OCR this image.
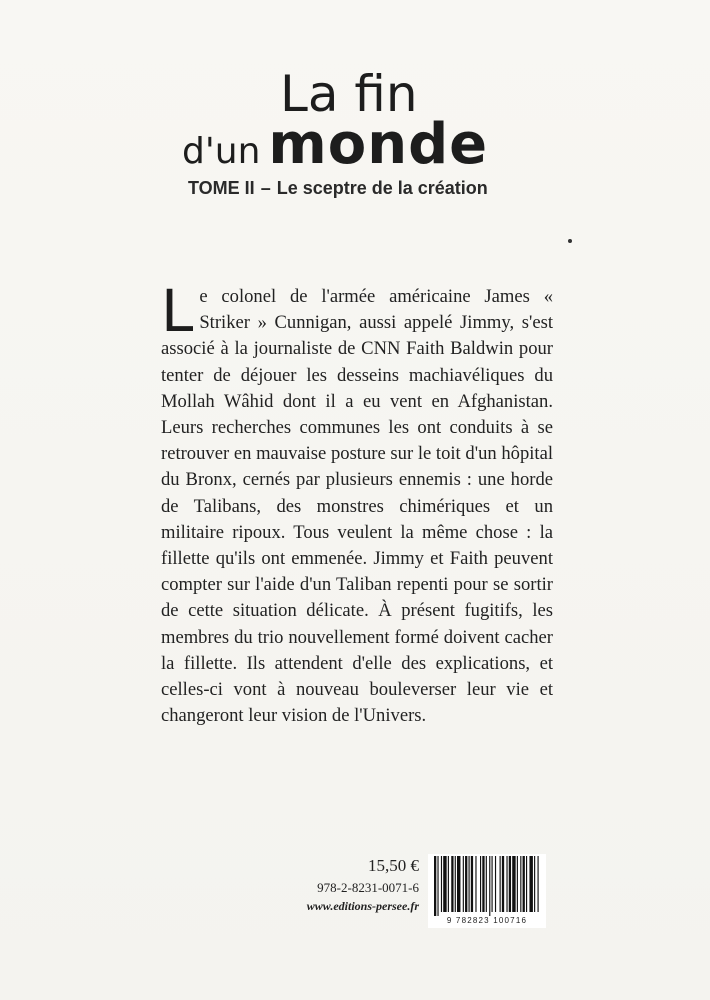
La fin
d'un monde
TOME II – Le sceptre de la création
Le colonel de l'armée américaine James « Striker » Cunnigan, aussi appelé Jimmy, s'est associé à la journaliste de CNN Faith Baldwin pour tenter de déjouer les desseins machiavéliques du Mollah Wâhid dont il a eu vent en Afghanistan. Leurs recherches communes les ont conduits à se retrouver en mauvaise posture sur le toit d'un hôpital du Bronx, cernés par plusieurs ennemis : une horde de Talibans, des monstres chimériques et un militaire ripoux. Tous veulent la même chose : la fillette qu'ils ont emmenée. Jimmy et Faith peuvent compter sur l'aide d'un Taliban repenti pour se sortir de cette situation délicate. À présent fugitifs, les membres du trio nouvellement formé doivent cacher la fillette. Ils attendent d'elle des explications, et celles-ci vont à nouveau bouleverser leur vie et changeront leur vision de l'Univers.
15,50 €
978-2-8231-0071-6
www.editions-persee.fr
9 782823 100716
